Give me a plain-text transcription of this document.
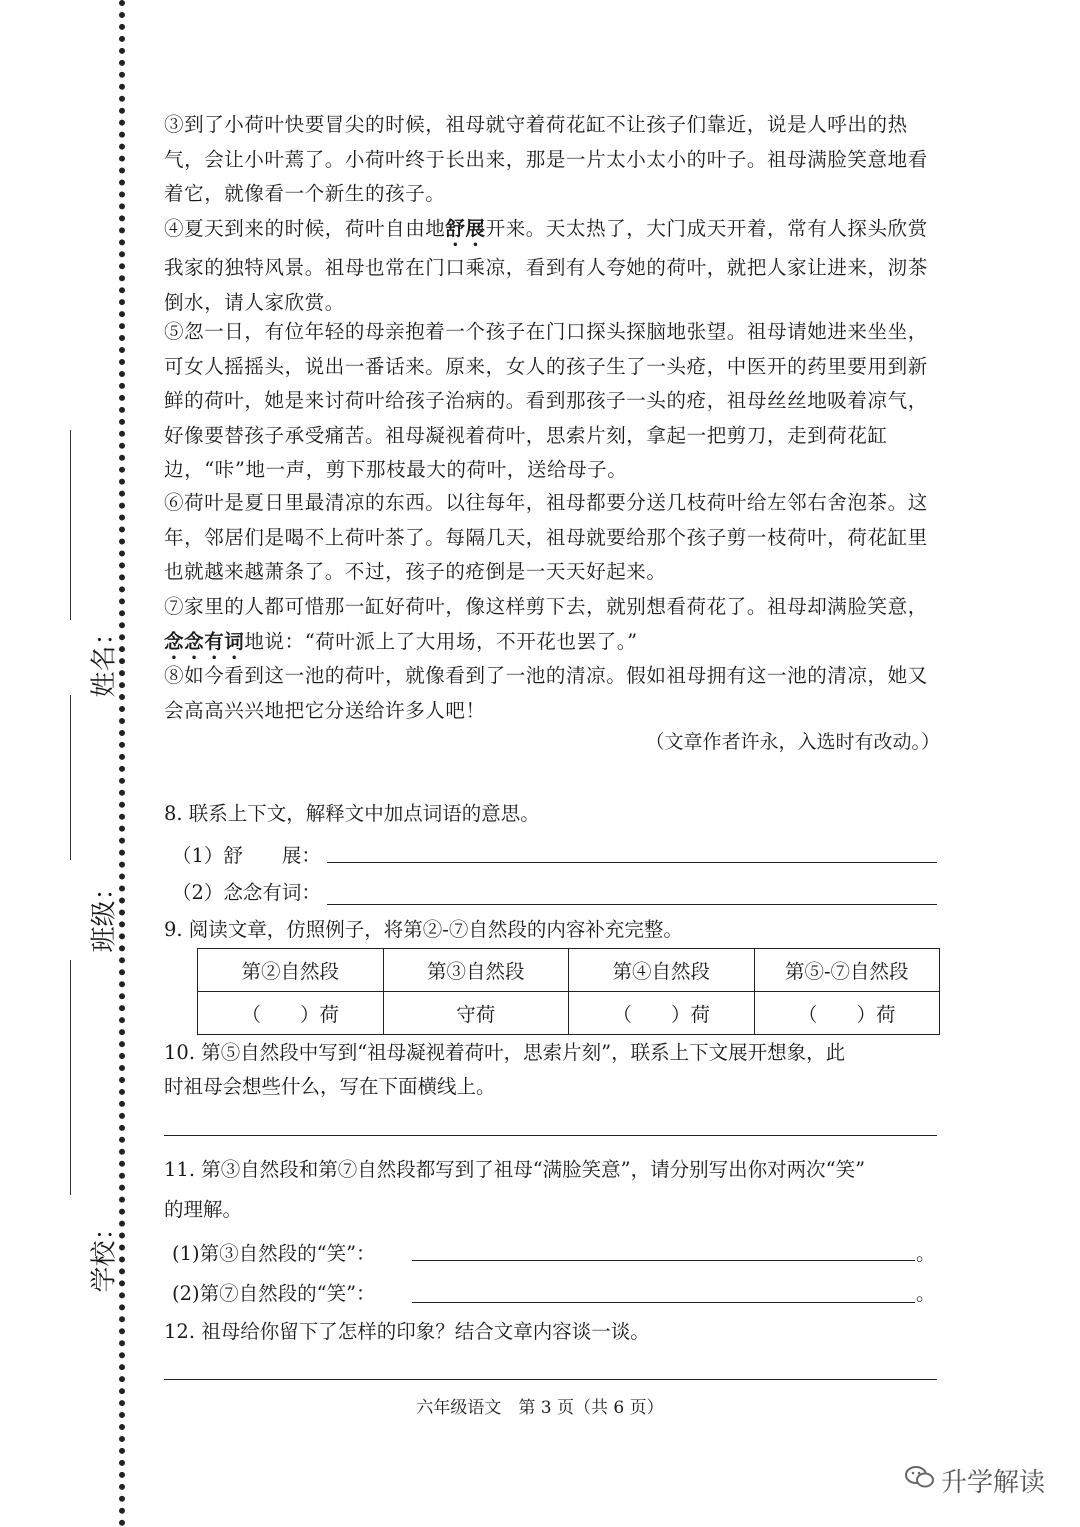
姓名：
班级：
学校：

③到了小荷叶快要冒尖的时候，祖母就守着荷花缸不让孩子们靠近，说是人呼出的热气，会让小叶蔫了。小荷叶终于长出来，那是一片太小太小的叶子。祖母满脸笑意地看着它，就像看一个新生的孩子。

④夏天到来的时候，荷叶自由地舒展开来。天太热了，大门成天开着，常有人探头欣赏我家的独特风景。祖母也常在门口乘凉，看到有人夸她的荷叶，就把人家让进来，沏茶倒水，请人家欣赏。

⑤忽一日，有位年轻的母亲抱着一个孩子在门口探头探脑地张望。祖母请她进来坐坐，可女人摇摇头，说出一番话来。原来，女人的孩子生了一头疮，中医开的药里要用到新鲜的荷叶，她是来讨荷叶给孩子治病的。看到那孩子一头的疮，祖母丝丝地吸着凉气，好像要替孩子承受痛苦。祖母凝视着荷叶，思索片刻，拿起一把剪刀，走到荷花缸边，“咔”地一声，剪下那枝最大的荷叶，送给母子。

⑥荷叶是夏日里最清凉的东西。以往每年，祖母都要分送几枝荷叶给左邻右舍泡茶。这年，邻居们是喝不上荷叶茶了。每隔几天，祖母就要给那个孩子剪一枝荷叶，荷花缸里也就越来越萧条了。不过，孩子的疮倒是一天天好起来。

⑦家里的人都可惜那一缸好荷叶，像这样剪下去，就别想看荷花了。祖母却满脸笑意，念念有词地说：“荷叶派上了大用场，不开花也罢了。”

⑧如今看到这一池的荷叶，就像看到了一池的清凉。假如祖母拥有这一池的清凉，她又会高高兴兴地把它分送给许多人吧！

（文章作者许永，入选时有改动。）
8. 联系上下文，解释文中加点词语的意思。
（1）舒　　展：
（2）念念有词：
9. 阅读文章，仿照例子，将第②-⑦自然段的内容补充完整。
第②自然段	第③自然段	第④自然段	第⑤-⑦自然段
（　　）荷	守荷	（　　）荷	（　　）荷
10. 第⑤自然段中写到“祖母凝视着荷叶，思索片刻”，联系上下文展开想象，此
时祖母会想些什么，写在下面横线上。
11. 第③自然段和第⑦自然段都写到了祖母“满脸笑意”，请分别写出你对两次“笑”
的理解。
(1)第③自然段的“笑”：	。
(2)第⑦自然段的“笑”：	。
12. 祖母给你留下了怎样的印象？结合文章内容谈一谈。
六年级语文　第 3 页（共 6 页）
升学解读
